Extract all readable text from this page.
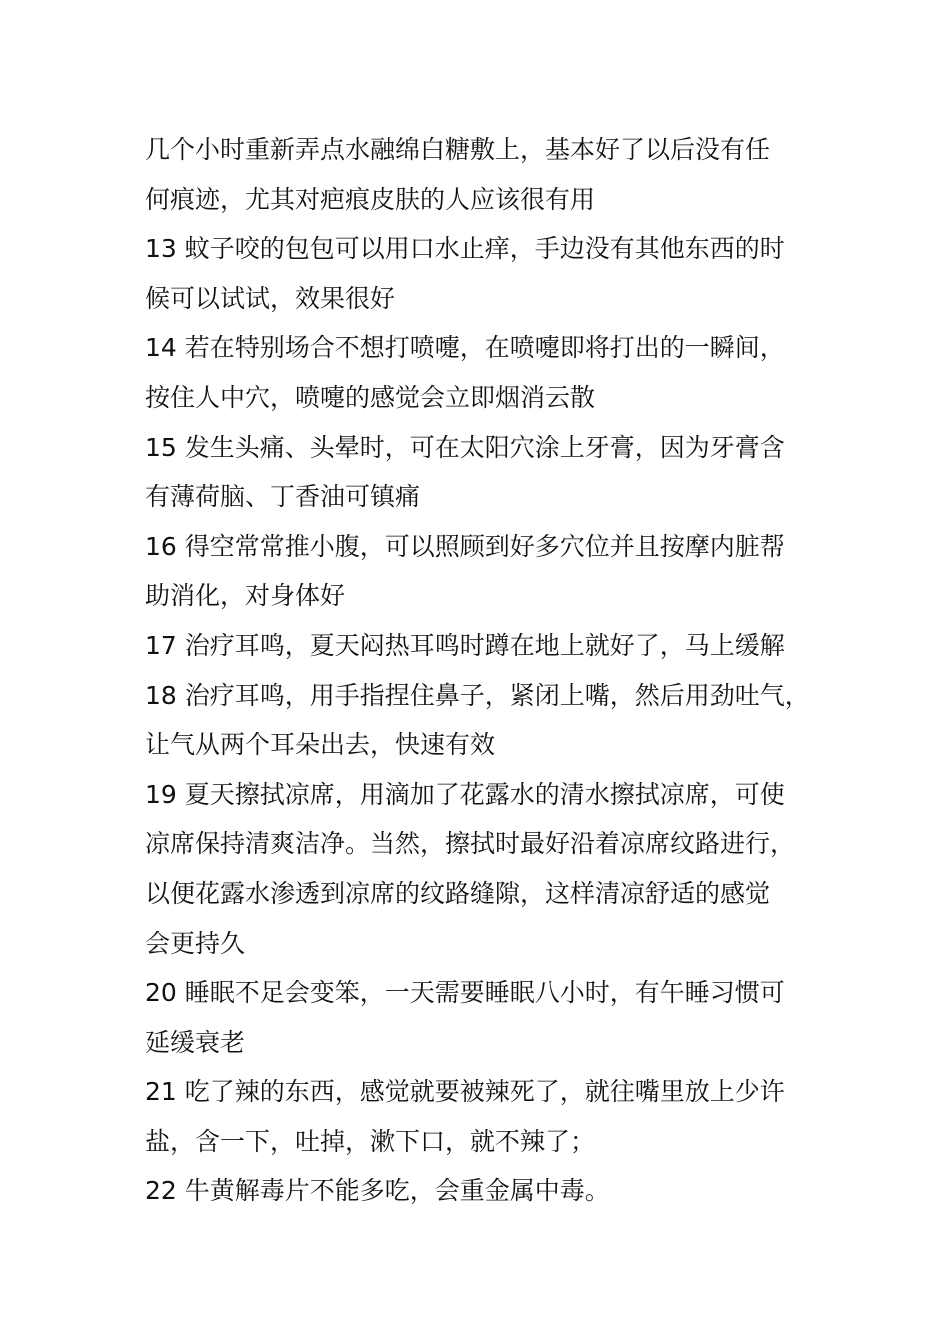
几个小时重新弄点水融绵白糖敷上，基本好了以后没有任
何痕迹，尤其对疤痕皮肤的人应该很有用
13 蚊子咬的包包可以用口水止痒，手边没有其他东西的时
候可以试试，效果很好
14 若在特别场合不想打喷嚏，在喷嚏即将打出的一瞬间，
按住人中穴，喷嚏的感觉会立即烟消云散
15 发生头痛、头晕时，可在太阳穴涂上牙膏，因为牙膏含
有薄荷脑、丁香油可镇痛
16 得空常常推小腹，可以照顾到好多穴位并且按摩内脏帮
助消化，对身体好
17 治疗耳鸣，夏天闷热耳鸣时蹲在地上就好了，马上缓解
18 治疗耳鸣，用手指捏住鼻子，紧闭上嘴，然后用劲吐气，
让气从两个耳朵出去，快速有效
19 夏天擦拭凉席，用滴加了花露水的清水擦拭凉席，可使
凉席保持清爽洁净。当然，擦拭时最好沿着凉席纹路进行，
以便花露水渗透到凉席的纹路缝隙，这样清凉舒适的感觉
会更持久
20 睡眠不足会变笨，一天需要睡眠八小时，有午睡习惯可
延缓衰老
21 吃了辣的东西，感觉就要被辣死了，就往嘴里放上少许
盐，含一下，吐掉，漱下口，就不辣了；
22 牛黄解毒片不能多吃，会重金属中毒。
